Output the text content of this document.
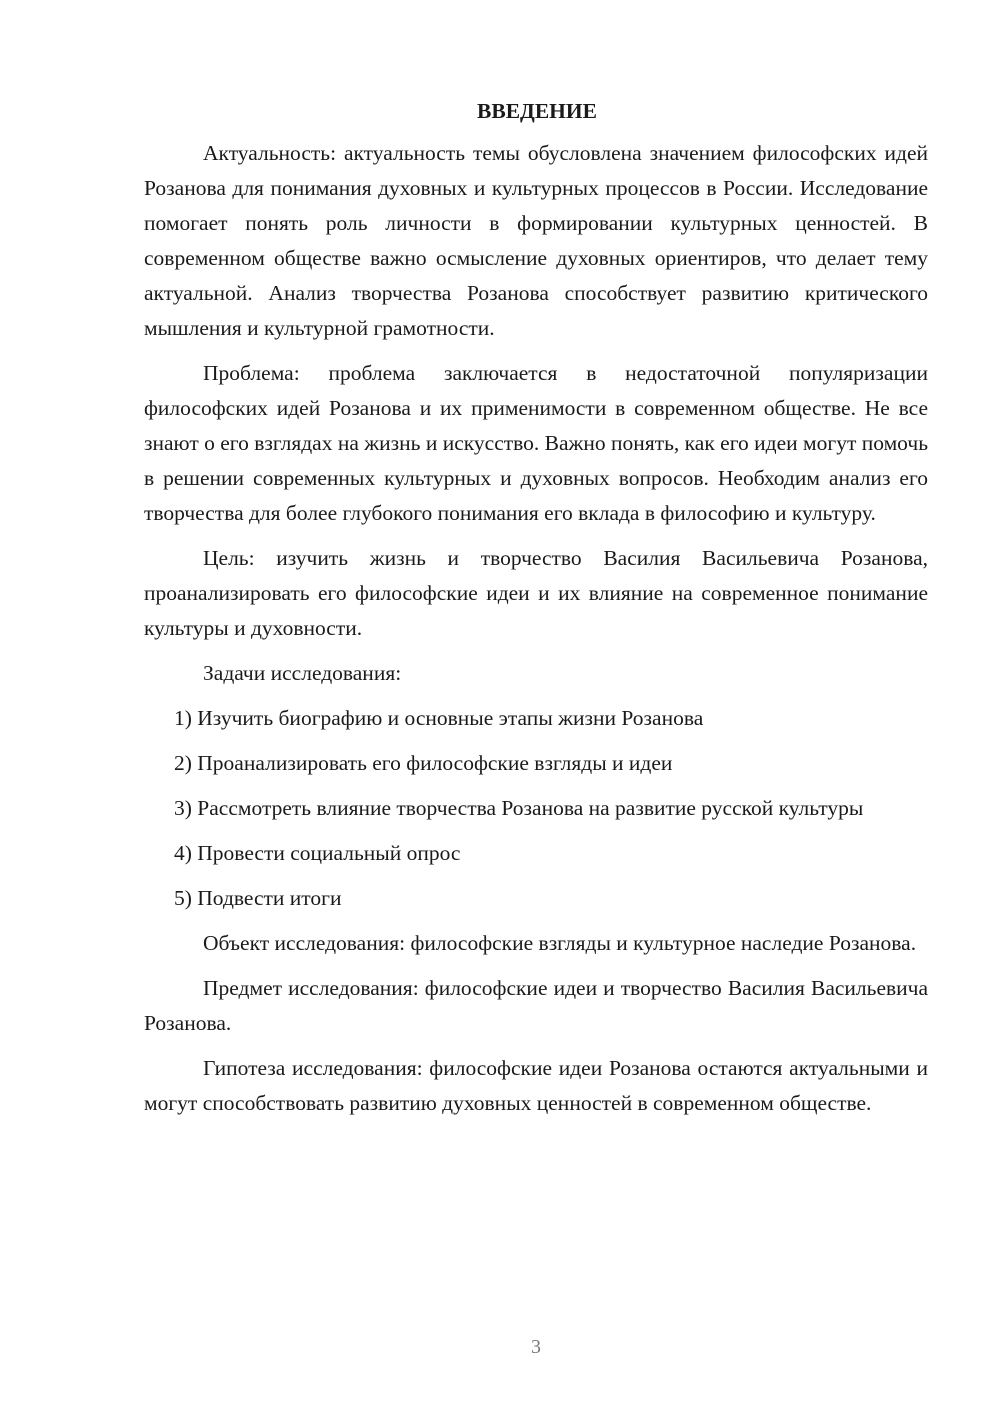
ВВЕДЕНИЕ

Актуальность: актуальность темы обусловлена значением философских идей Розанова для понимания духовных и культурных процессов в России. Исследование помогает понять роль личности в формировании культурных ценностей. В современном обществе важно осмысление духовных ориентиров, что делает тему актуальной. Анализ творчества Розанова способствует развитию критического мышления и культурной грамотности.

Проблема: проблема заключается в недостаточной популяризации философских идей Розанова и их применимости в современном обществе. Не все знают о его взглядах на жизнь и искусство. Важно понять, как его идеи могут помочь в решении современных культурных и духовных вопросов. Необходим анализ его творчества для более глубокого понимания его вклада в философию и культуру.

Цель: изучить жизнь и творчество Василия Васильевича Розанова, проанализировать его философские идеи и их влияние на современное понимание культуры и духовности.

Задачи исследования:

1) Изучить биографию и основные этапы жизни Розанова

2) Проанализировать его философские взгляды и идеи

3) Рассмотреть влияние творчества Розанова на развитие русской культуры

4) Провести социальный опрос

5) Подвести итоги

Объект исследования: философские взгляды и культурное наследие Розанова.

Предмет исследования: философские идеи и творчество Василия Васильевича Розанова.

Гипотеза исследования: философские идеи Розанова остаются актуальными и могут способствовать развитию духовных ценностей в современном обществе.

3
